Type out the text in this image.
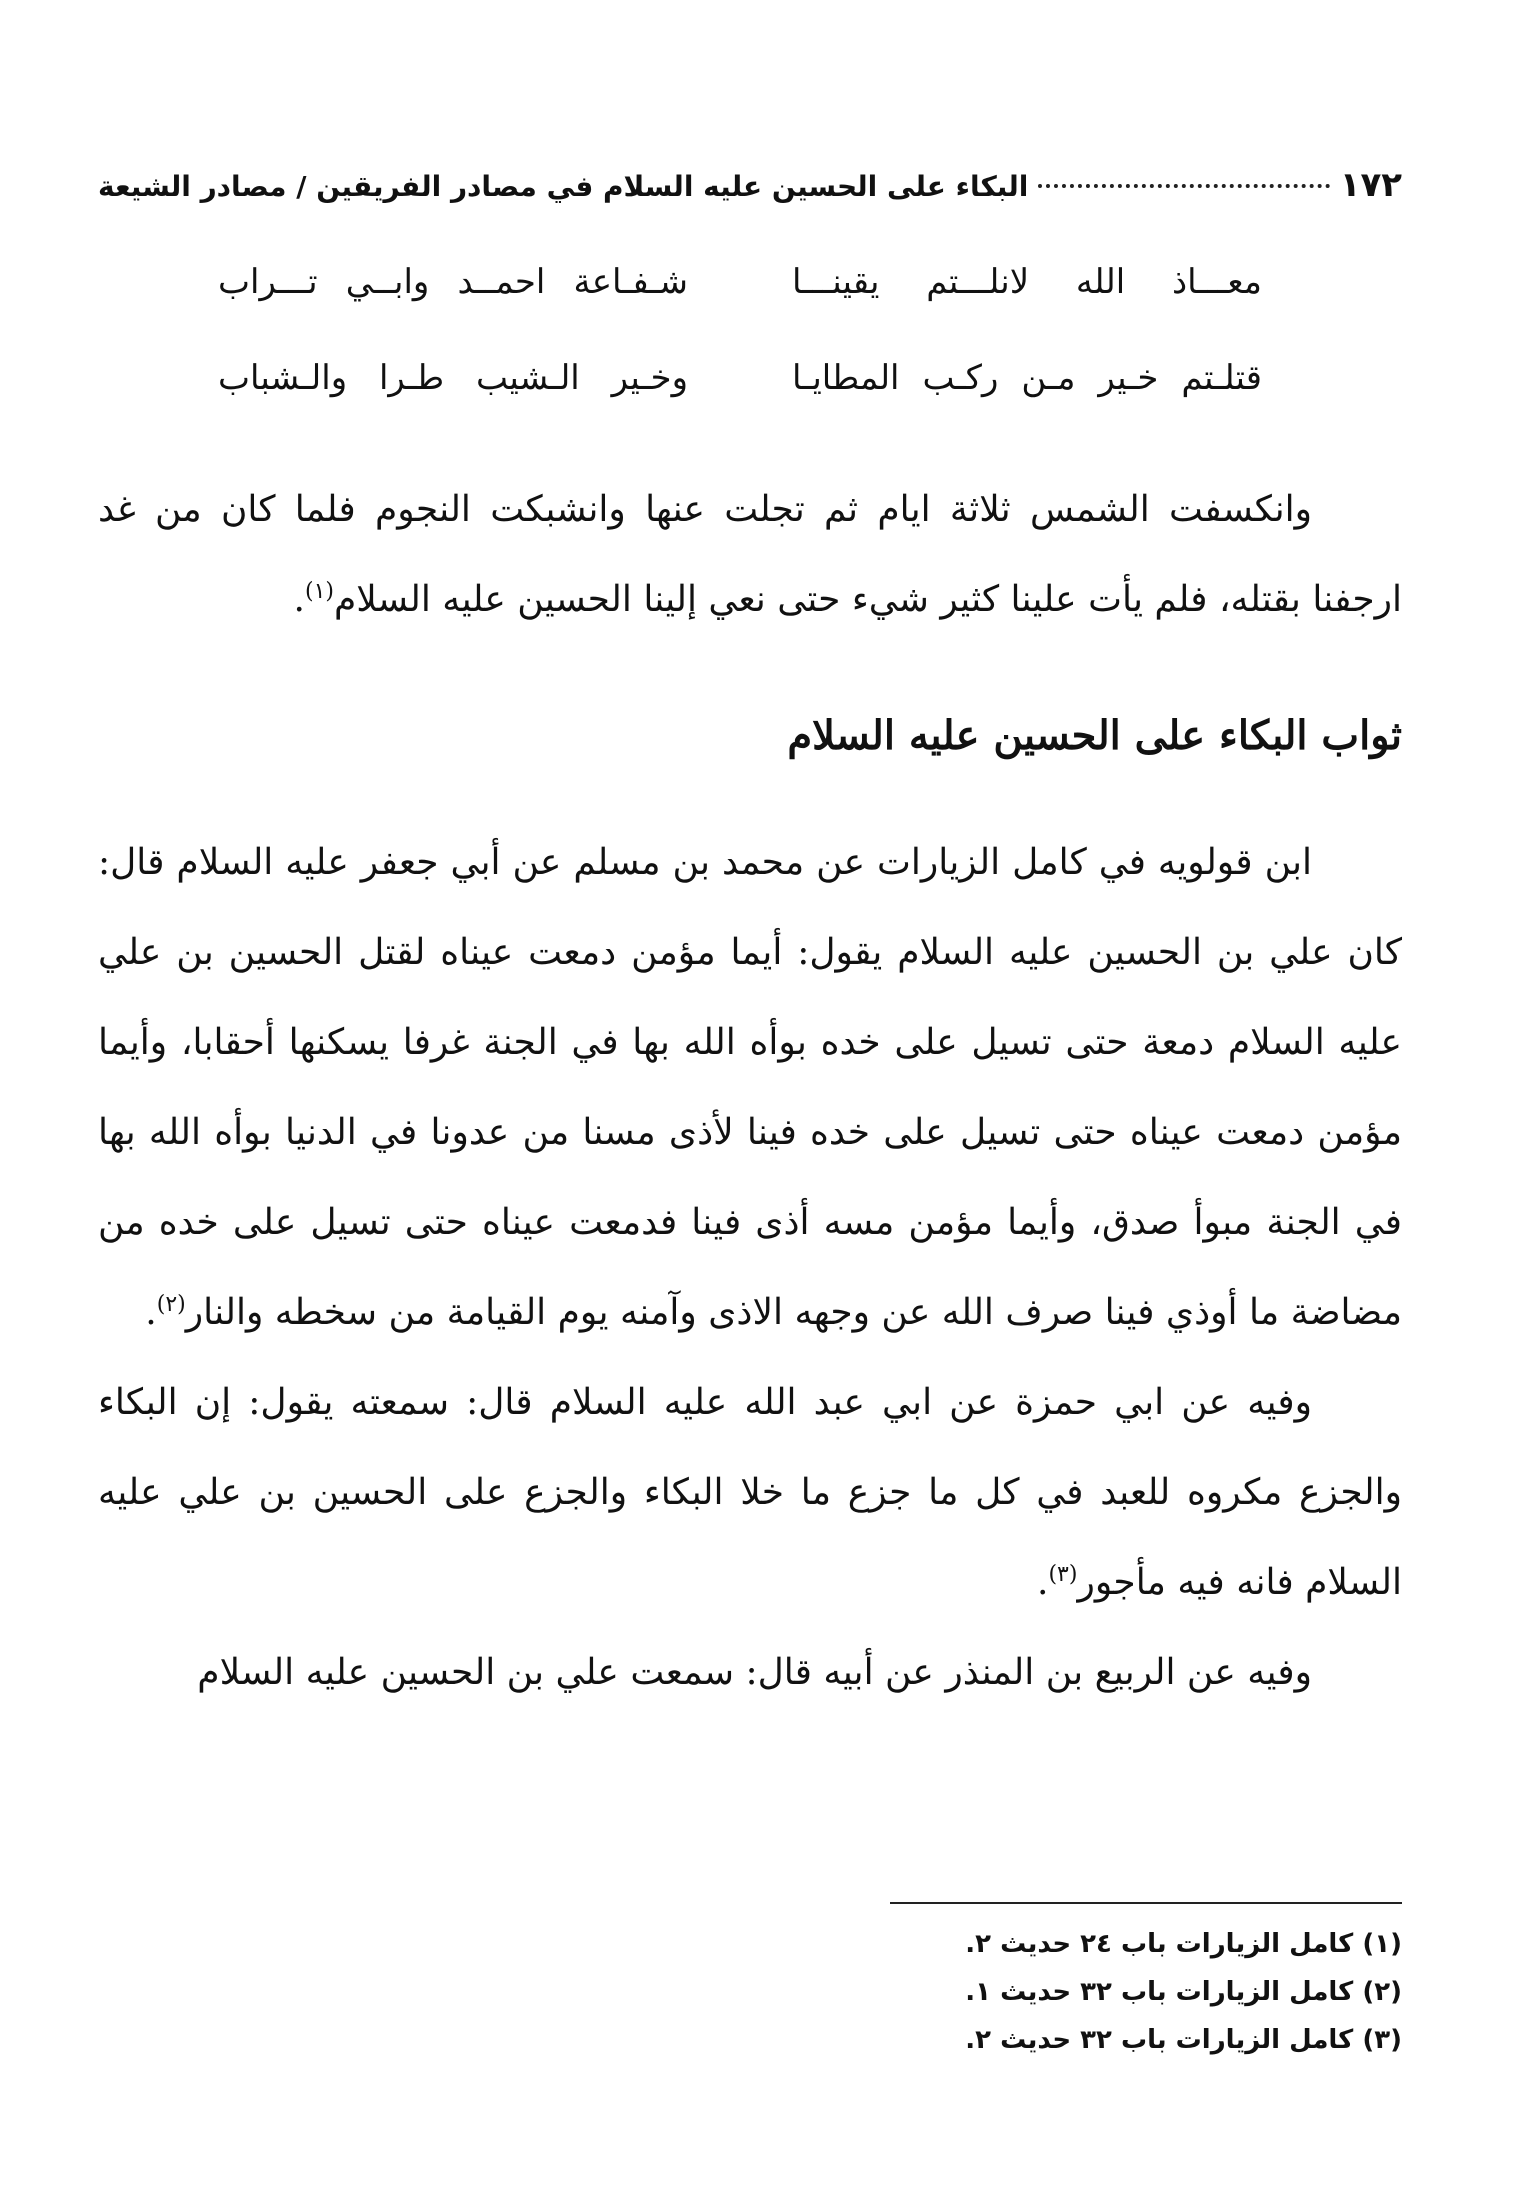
١٧٢
البكاء على الحسين عليه السلام في مصادر الفريقين / مصادر الشيعة
معـــاذ الله لانلـــتم يقينـــا
شـفـاعة احمــد وابــي تـــراب
قتلـتم خـير مـن ركـب المطايـا
وخـير الـشيب طـرا والـشباب

وانكسفت الشمس ثلاثة ايام ثم تجلت عنها وانشبكت النجوم فلما كان من غد ارجفنا بقتله، فلم يأت علينا كثير شيء حتى نعي إلينا الحسين عليه السلام$^{(١)}$.

ثواب البكاء على الحسين عليه السلام

ابن قولويه في كامل الزيارات عن محمد بن مسلم عن أبي جعفر عليه السلام قال: كان علي بن الحسين عليه السلام يقول: أيما مؤمن دمعت عيناه لقتل الحسين بن علي عليه السلام دمعة حتى تسيل على خده بوأه الله بها في الجنة غرفا يسكنها أحقابا، وأيما مؤمن دمعت عيناه حتى تسيل على خده فينا لأذى مسنا من عدونا في الدنيا بوأه الله بها في الجنة مبوأ صدق، وأيما مؤمن مسه أذى فينا فدمعت عيناه حتى تسيل على خده من مضاضة ما أوذي فينا صرف الله عن وجهه الاذى وآمنه يوم القيامة من سخطه والنار$^{(٢)}$.

وفيه عن ابي حمزة عن ابي عبد الله عليه السلام قال: سمعته يقول: إن البكاء والجزع مكروه للعبد في كل ما جزع ما خلا البكاء والجزع على الحسين بن علي عليه السلام فانه فيه مأجور$^{(٣)}$.

وفيه عن الربيع بن المنذر عن أبيه قال: سمعت علي بن الحسين عليه السلام

(١) كامل الزيارات باب ٢٤ حديث ٢.
(٢) كامل الزيارات باب ٣٢ حديث ١.
(٣) كامل الزيارات باب ٣٢ حديث ٢.
